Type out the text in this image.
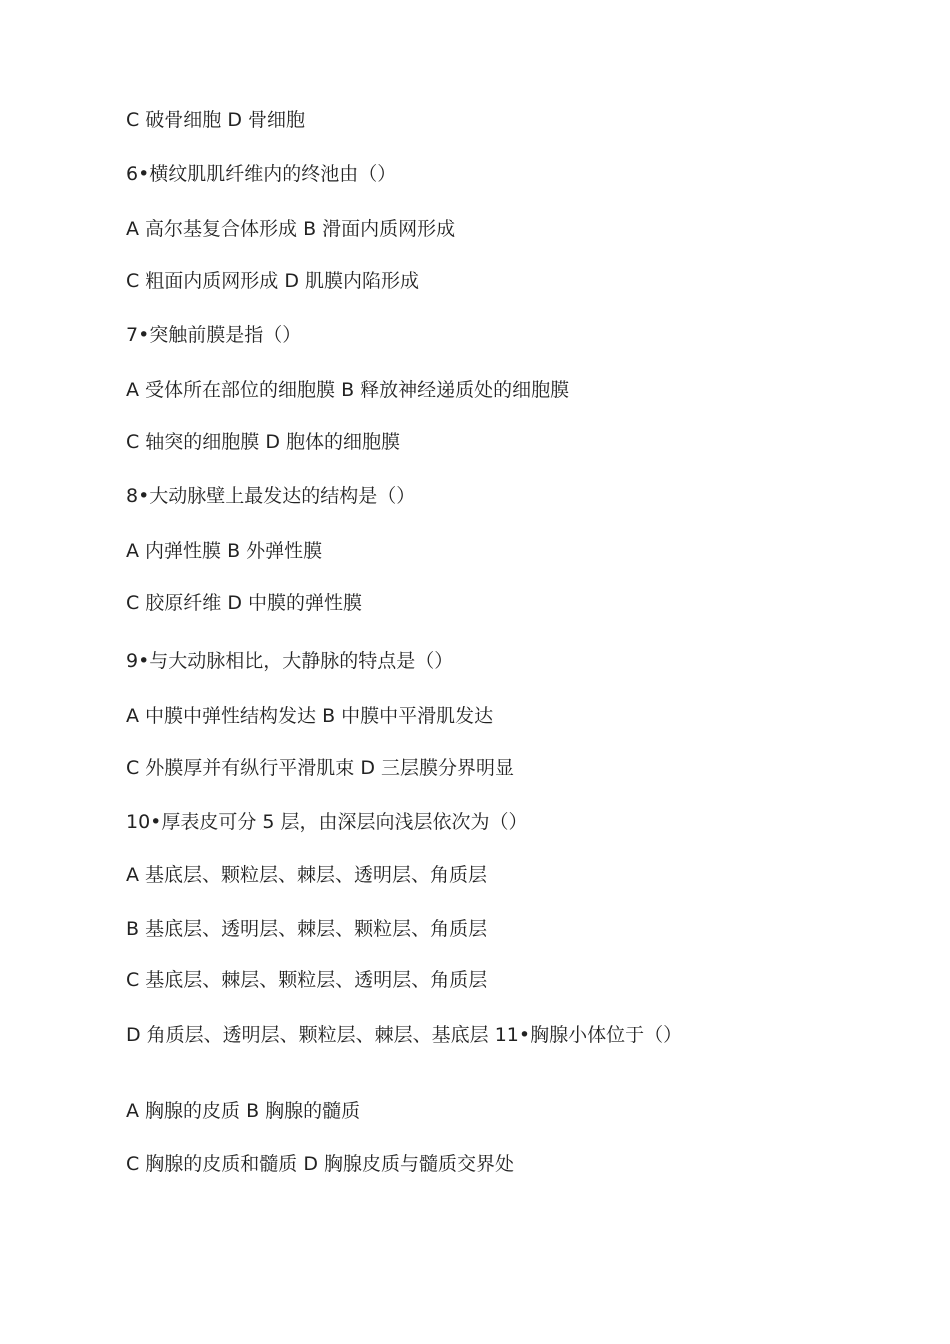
C 破骨细胞 D 骨细胞
6•横纹肌肌纤维内的终池由（）
A 高尔基复合体形成 B 滑面内质网形成
C 粗面内质网形成 D 肌膜内陷形成
7•突触前膜是指（）
A 受体所在部位的细胞膜 B 释放神经递质处的细胞膜
C 轴突的细胞膜 D 胞体的细胞膜
8•大动脉壁上最发达的结构是（）
A 内弹性膜 B 外弹性膜
C 胶原纤维 D 中膜的弹性膜
9•与大动脉相比，大静脉的特点是（）
A 中膜中弹性结构发达 B 中膜中平滑肌发达
C 外膜厚并有纵行平滑肌束 D 三层膜分界明显
10•厚表皮可分 5 层，由深层向浅层依次为（）
A 基底层、颗粒层、棘层、透明层、角质层
B 基底层、透明层、棘层、颗粒层、角质层
C 基底层、棘层、颗粒层、透明层、角质层
D 角质层、透明层、颗粒层、棘层、基底层 11•胸腺小体位于（）
A 胸腺的皮质 B 胸腺的髓质
C 胸腺的皮质和髓质 D 胸腺皮质与髓质交界处
